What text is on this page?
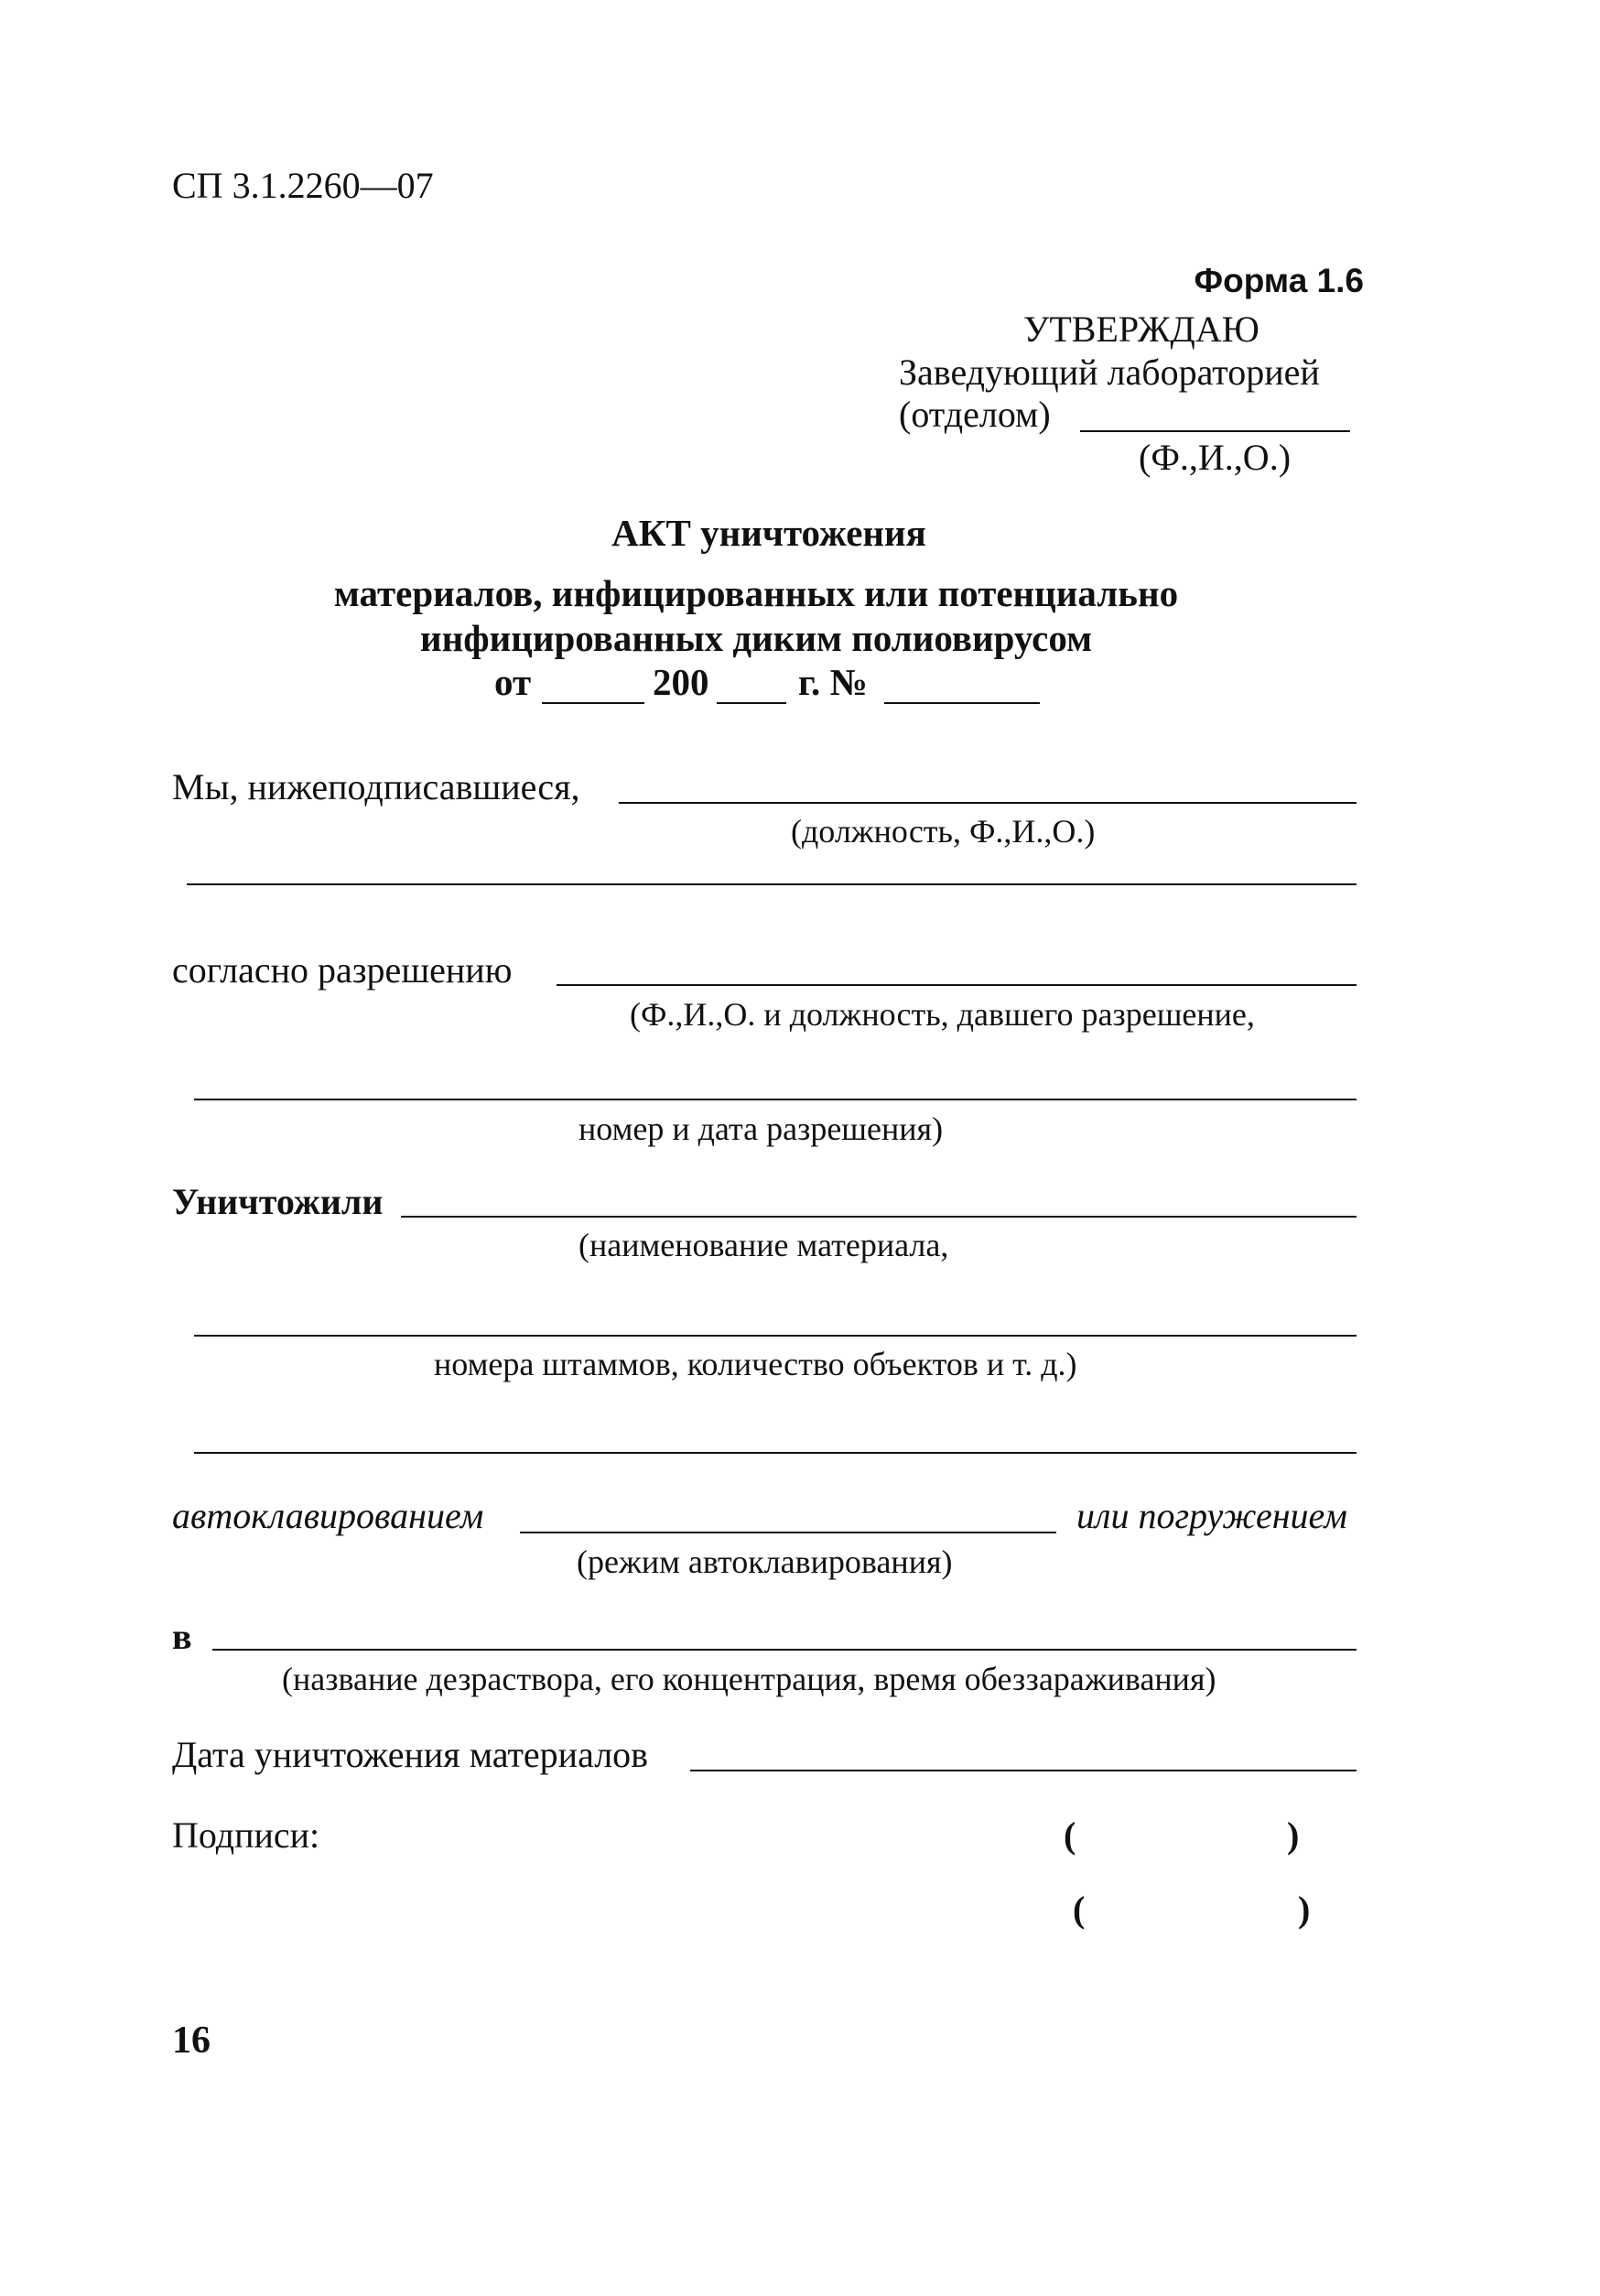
СП 3.1.2260—07
Форма 1.6
УТВЕРЖДАЮ
Заведующий лабораторией
(отделом)
(Ф.,И.,О.)
АКТ уничтожения
материалов, инфицированных или потенциально
инфицированных диким полиовирусом
от	200 г. №
Мы, нижеподписавшиеся,
(должность, Ф.,И.,О.)
согласно разрешению
(Ф.,И.,О. и должность, давшего разрешение,
номер и дата разрешения)
Уничтожили
(наименование материала,
номера штаммов, количество объектов и т. д.)
автоклавированием	или погружением
(режим автоклавирования)
в
(название дезраствора, его концентрация, время обеззараживания)
Дата уничтожения материалов
Подписи:	(	)
(	)
16
